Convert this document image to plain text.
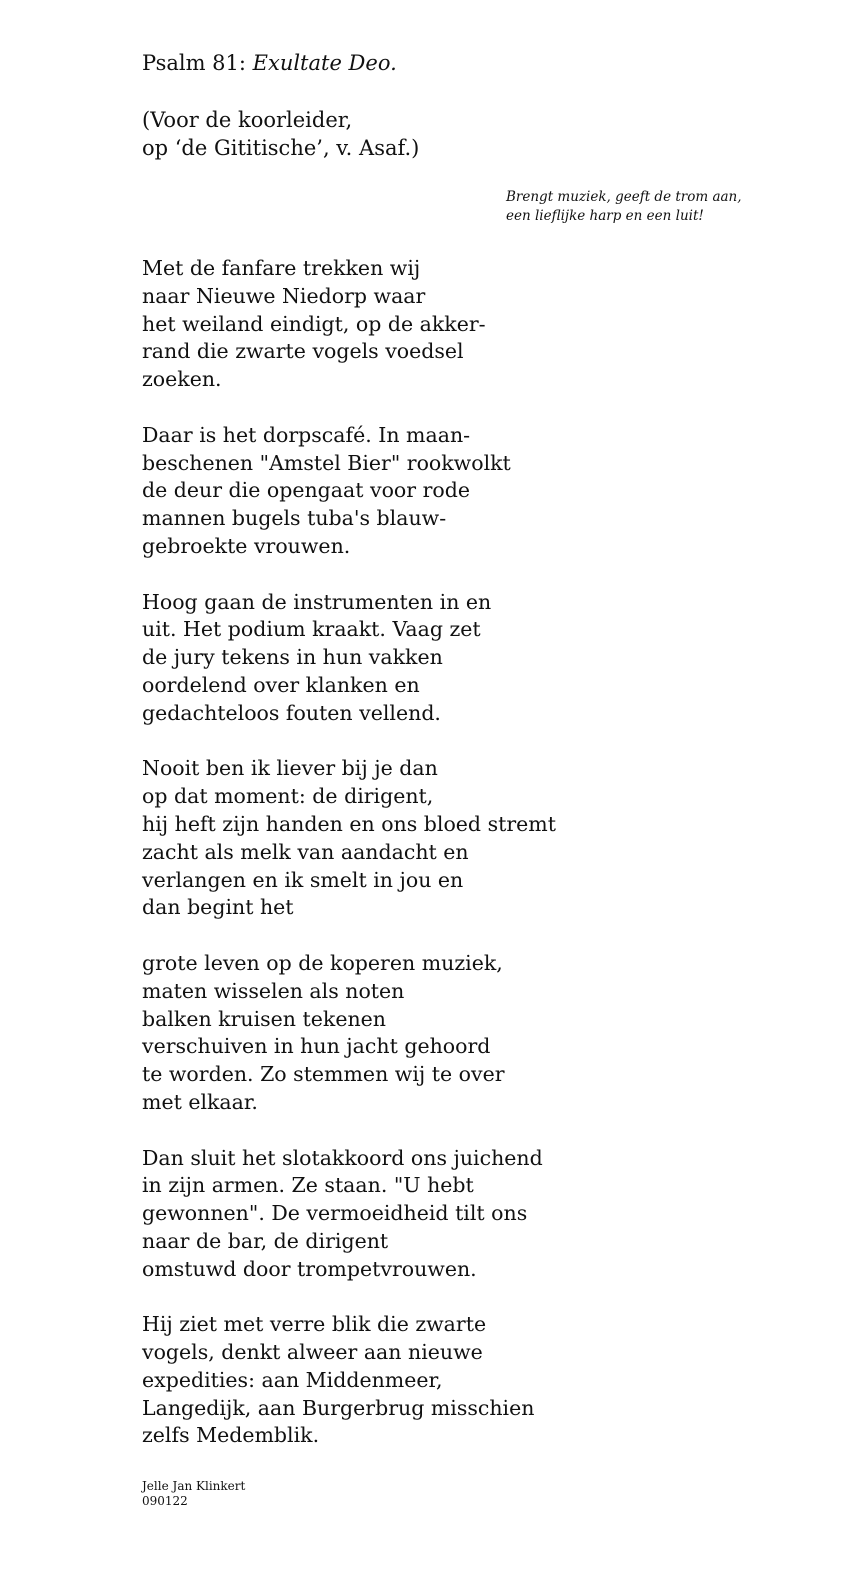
Psalm 81: Exultate Deo.
(Voor de koorleider,
op ‘de Gititische’, v. Asaf.)
Brengt muziek, geeft de trom aan,
een lieflijke harp en een luit!
Met de fanfare trekken wij
naar Nieuwe Niedorp waar
het weiland eindigt, op de akker-
rand die zwarte vogels voedsel
zoeken.
Daar is het dorpscafé. In maan-
beschenen "Amstel Bier" rookwolkt
de deur die opengaat voor rode
mannen bugels tuba's blauw-
gebroekte vrouwen.
Hoog gaan de instrumenten in en
uit. Het podium kraakt. Vaag zet
de jury tekens in hun vakken
oordelend over klanken en
gedachteloos fouten vellend.
Nooit ben ik liever bij je dan
op dat moment: de dirigent,
hij heft zijn handen en ons bloed stremt
zacht als melk van aandacht en
verlangen en ik smelt in jou en
dan begint het
grote leven op de koperen muziek,
maten wisselen als noten
balken kruisen tekenen
verschuiven in hun jacht gehoord
te worden. Zo stemmen wij te over
met elkaar.
Dan sluit het slotakkoord ons juichend
in zijn armen. Ze staan. "U hebt
gewonnen". De vermoeidheid tilt ons
naar de bar, de dirigent
omstuwd door trompetvrouwen.
Hij ziet met verre blik die zwarte
vogels, denkt alweer aan nieuwe
expedities: aan Middenmeer,
Langedijk, aan Burgerbrug misschien
zelfs Medemblik.
Jelle Jan Klinkert
090122
